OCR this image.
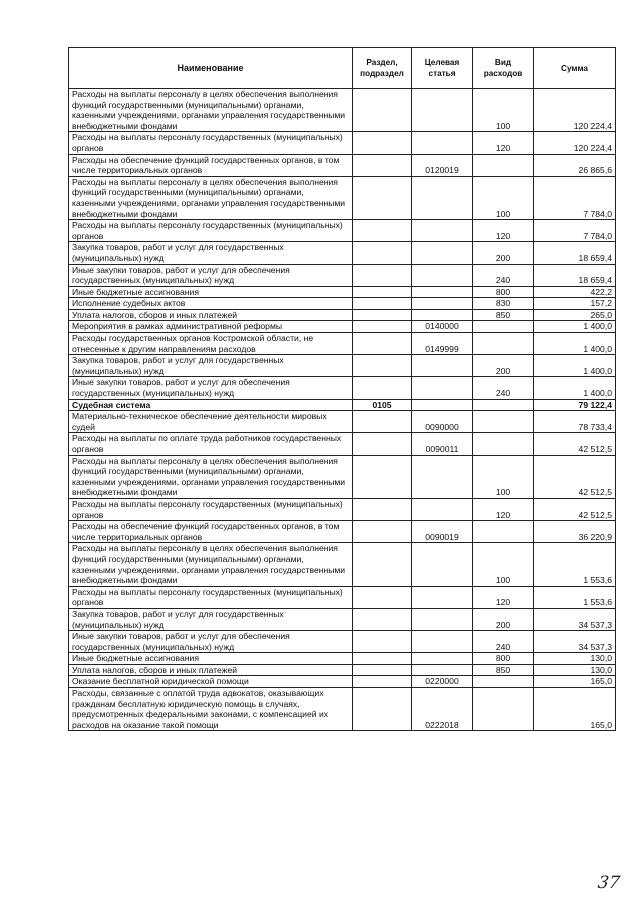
Наименование	Раздел, подраздел	Целевая статья	Вид расходов	Сумма
Расходы на выплаты персоналу в целях обеспечения выполнения функций государственными (муниципальными) органами, казенными учреждениями, органами управления государственными внебюджетными фондами			100	120 224,4
Расходы на выплаты персоналу государственных (муниципальных) органов			120	120 224,4
Расходы на обеспечение функций государственных органов, в том числе территориальных органов		0120019		26 865,6
Расходы на выплаты персоналу в целях обеспечения выполнения функций государственными (муниципальными) органами, казенными учреждениями, органами управления государственными внебюджетными фондами			100	7 784,0
Расходы на выплаты персоналу государственных (муниципальных) органов			120	7 784,0
Закупка товаров, работ и услуг для государственных (муниципальных) нужд			200	18 659,4
Иные закупки товаров, работ и услуг для обеспечения государственных (муниципальных) нужд			240	18 659,4
Иные бюджетные ассигнования			800	422,2
Исполнение судебных актов			830	157,2
Уплата налогов, сборов и иных платежей			850	265,0
Мероприятия в рамках административной реформы		0140000		1 400,0
Расходы государственных органов Костромской области, не отнесенные к другим направлениям расходов		0149999		1 400,0
Закупка товаров, работ и услуг для государственных (муниципальных) нужд			200	1 400,0
Иные закупки товаров, работ и услуг для обеспечения государственных (муниципальных) нужд			240	1 400,0
Судебная система	0105			79 122,4
Материально-техническое обеспечение деятельности мировых судей		0090000		78 733,4
Расходы на выплаты по оплате труда работников государственных органов		0090011		42 512,5
Расходы на выплаты персоналу в целях обеспечения выполнения функций государственными (муниципальными) органами, казенными учреждениями, органами управления государственными внебюджетными фондами			100	42 512,5
Расходы на выплаты персоналу государственных (муниципальных) органов			120	42 512,5
Расходы на обеспечение функций государственных органов, в том числе территориальных органов		0090019		36 220,9
Расходы на выплаты персоналу в целях обеспечения выполнения функций государственными (муниципальными) органами, казенными учреждениями, органами управления государственными внебюджетными фондами			100	1 553,6
Расходы на выплаты персоналу государственных (муниципальных) органов			120	1 553,6
Закупка товаров, работ и услуг для государственных (муниципальных) нужд			200	34 537,3
Иные закупки товаров, работ и услуг для обеспечения государственных (муниципальных) нужд			240	34 537,3
Иные бюджетные ассигнования			800	130,0
Уплата налогов, сборов и иных платежей			850	130,0
Оказание бесплатной юридической помощи		0220000		165,0
Расходы, связанные с оплатой труда адвокатов, оказывающих гражданам бесплатную юридическую помощь в случаях, предусмотренных федеральными законами, с компенсацией их расходов на оказание такой помощи		0222018		165,0
37
